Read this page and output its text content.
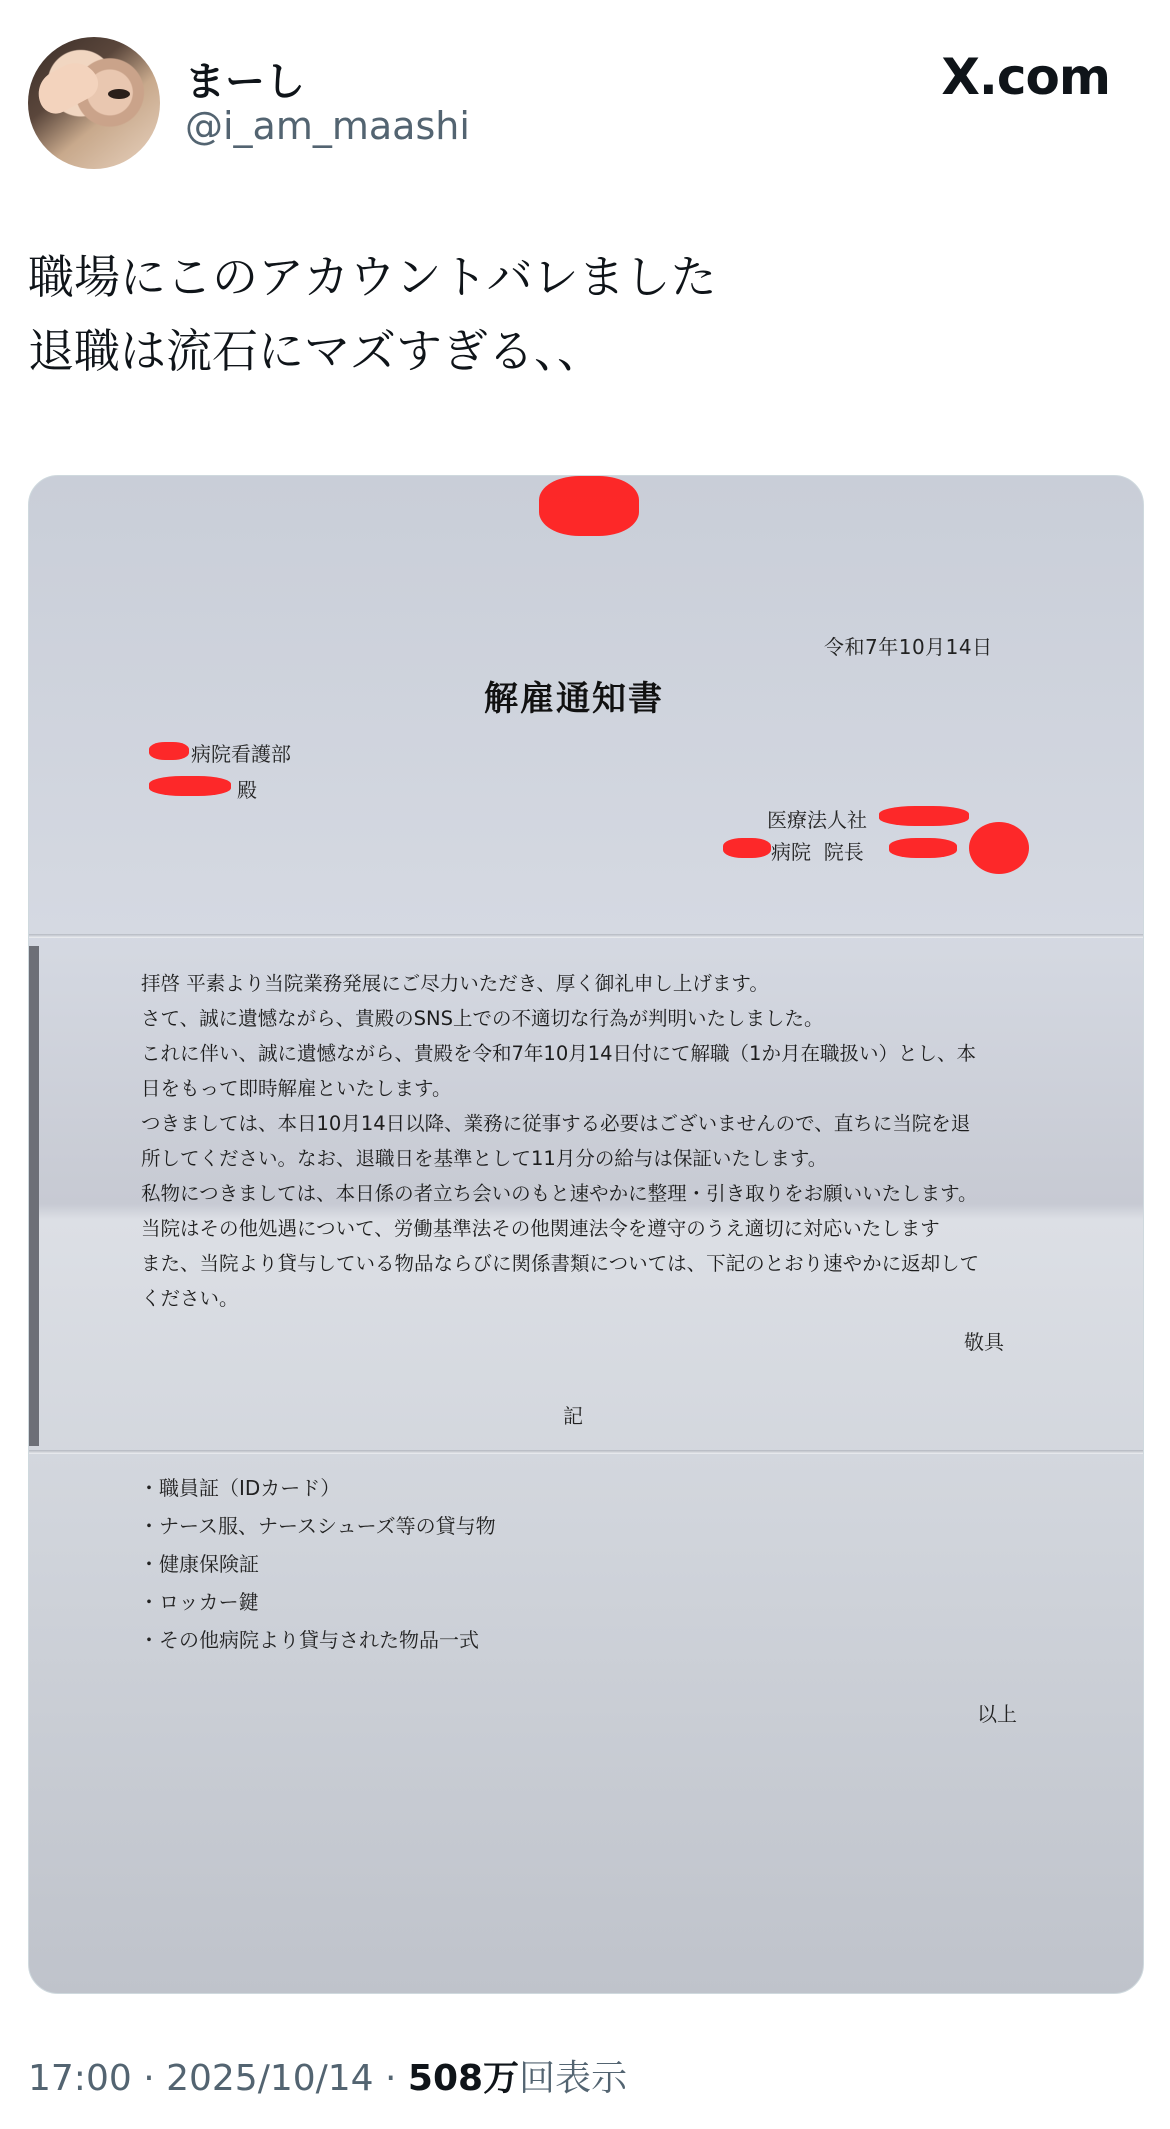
まーし
@i_am_maashi
X.com
職場にこのアカウントバレました
退職は流石にマズすぎる、、
令和7年10月14日
解雇通知書
病院看護部
殿
医療法人社
病院  院長
拝啓 平素より当院業務発展にご尽力いただき、厚く御礼申し上げます。
さて、誠に遺憾ながら、貴殿のSNS上での不適切な行為が判明いたしました。
これに伴い、誠に遺憾ながら、貴殿を令和7年10月14日付にて解職（1か月在職扱い）とし、本
日をもって即時解雇といたします。
つきましては、本日10月14日以降、業務に従事する必要はございませんので、直ちに当院を退
所してください。なお、退職日を基準として11月分の給与は保証いたします。
私物につきましては、本日係の者立ち会いのもと速やかに整理・引き取りをお願いいたします。
当院はその他処遇について、労働基準法その他関連法令を遵守のうえ適切に対応いたします
また、当院より貸与している物品ならびに関係書類については、下記のとおり速やかに返却して
ください。
敬具
記
・職員証（IDカード）
・ナース服、ナースシューズ等の貸与物
・健康保険証
・ロッカー鍵
・その他病院より貸与された物品一式
以上
17:00 · 2025/10/14 · 508万回表示
